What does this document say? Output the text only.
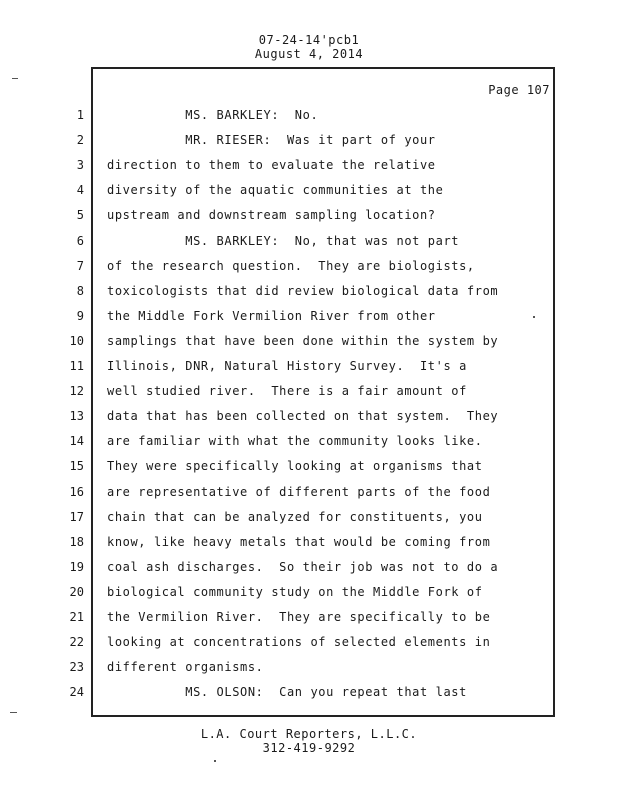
07-24-14'pcb1
August 4, 2014
Page 107
1 MS. BARKLEY:  No.
2 MR. RIESER:  Was it part of your
3 direction to them to evaluate the relative
4 diversity of the aquatic communities at the
5 upstream and downstream sampling location?
6 MS. BARKLEY:  No, that was not part
7 of the research question.  They are biologists,
8 toxicologists that did review biological data from
9 the Middle Fork Vermilion River from other
10 samplings that have been done within the system by
11 Illinois, DNR, Natural History Survey.  It's a
12 well studied river.  There is a fair amount of
13 data that has been collected on that system.  They
14 are familiar with what the community looks like.
15 They were specifically looking at organisms that
16 are representative of different parts of the food
17 chain that can be analyzed for constituents, you
18 know, like heavy metals that would be coming from
19 coal ash discharges.  So their job was not to do a
20 biological community study on the Middle Fork of
21 the Vermilion River.  They are specifically to be
22 looking at concentrations of selected elements in
23 different organisms.
24 MS. OLSON:  Can you repeat that last
L.A. Court Reporters, L.L.C.
312-419-9292
